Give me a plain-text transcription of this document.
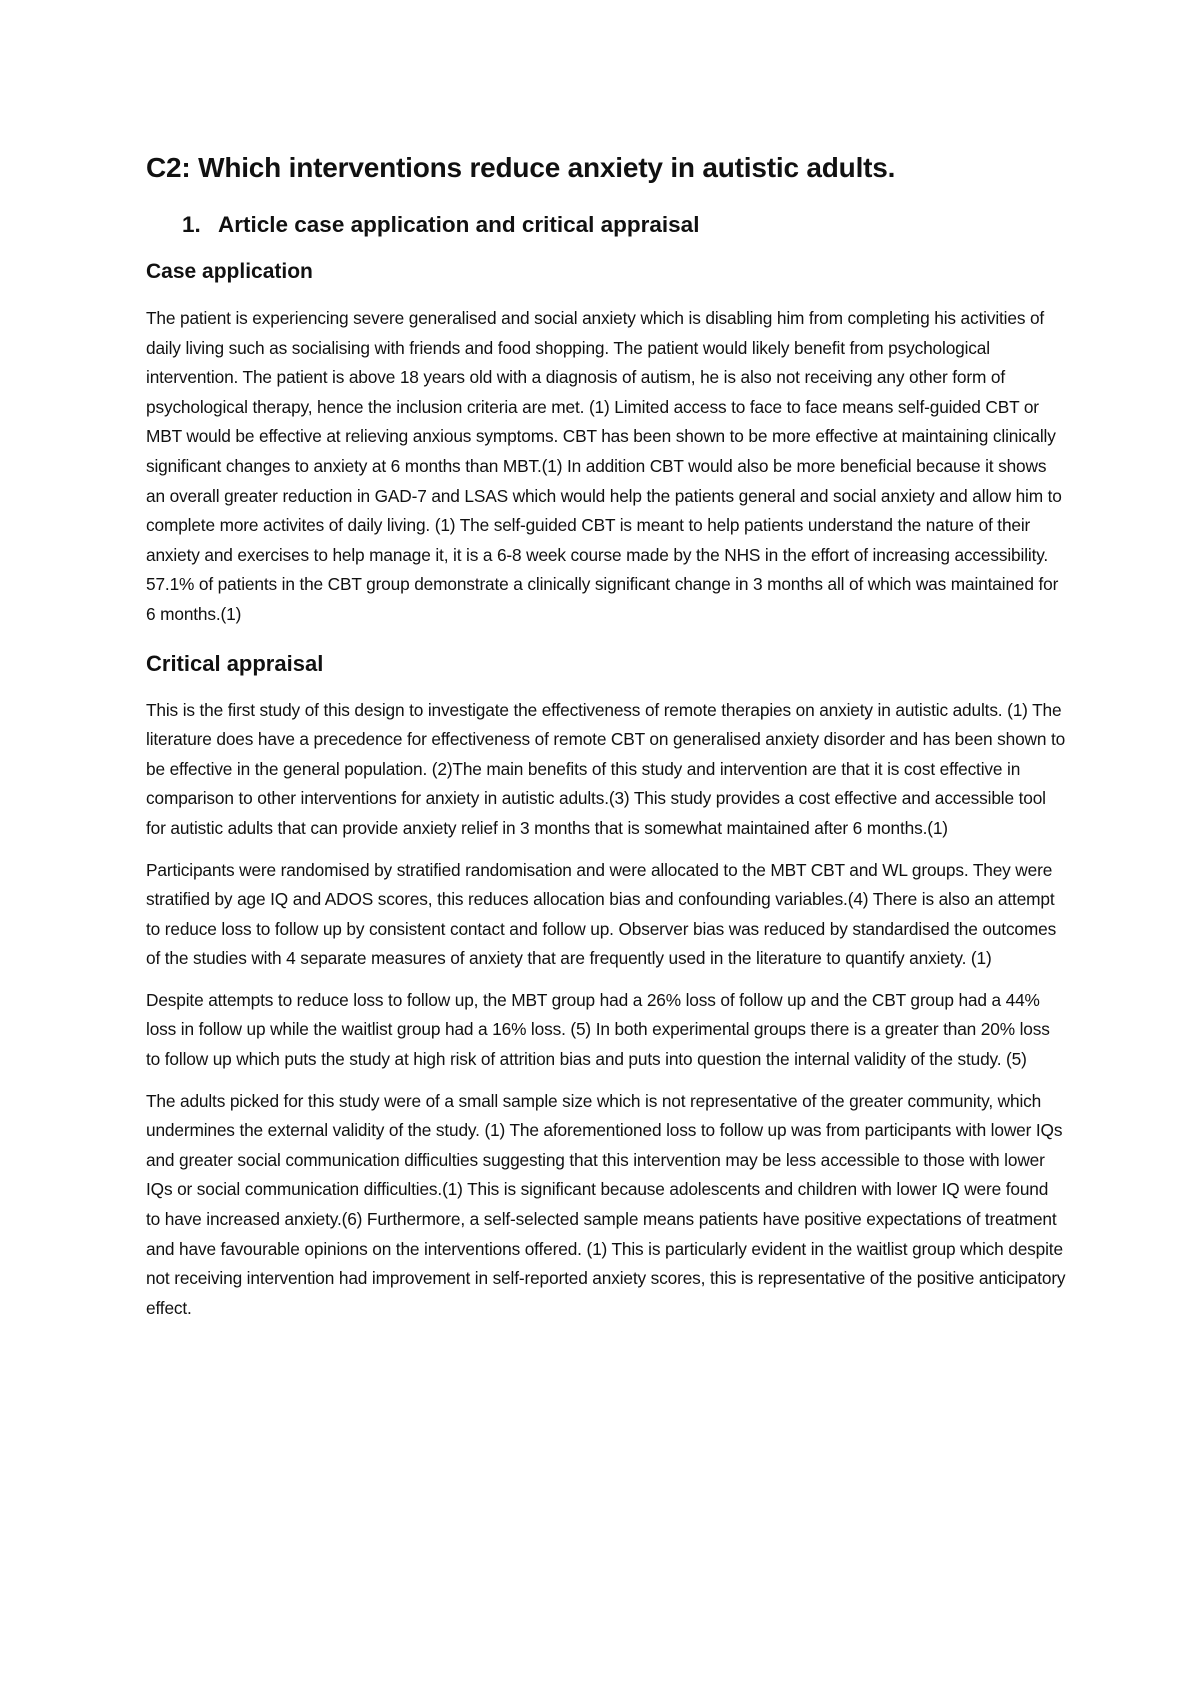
C2: Which interventions reduce anxiety in autistic adults.
1. Article case application and critical appraisal
Case application

The patient is experiencing severe generalised and social anxiety which is disabling him from completing his activities of daily living such as socialising with friends and food shopping. The patient would likely benefit from psychological intervention. The patient is above 18 years old with a diagnosis of autism, he is also not receiving any other form of psychological therapy, hence the inclusion criteria are met. (1) Limited access to face to face means self-guided CBT or MBT would be effective at relieving anxious symptoms. CBT has been shown to be more effective at maintaining clinically significant changes to anxiety at 6 months than MBT.(1) In addition CBT would also be more beneficial because it shows an overall greater reduction in GAD-7 and LSAS which would help the patients general and social anxiety and allow him to complete more activites of daily living. (1) The self-guided CBT is meant to help patients understand the nature of their anxiety and exercises to help manage it, it is a 6-8 week course made by the NHS in the effort of increasing accessibility. 57.1% of patients in the CBT group demonstrate a clinically significant change in 3 months all of which was maintained for 6 months.(1)

Critical appraisal

This is the first study of this design to investigate the effectiveness of remote therapies on anxiety in autistic adults. (1) The literature does have a precedence for effectiveness of remote CBT on generalised anxiety disorder and has been shown to be effective in the general population. (2)The main benefits of this study and intervention are that it is cost effective in comparison to other interventions for anxiety in autistic adults.(3) This study provides a cost effective and accessible tool for autistic adults that can provide anxiety relief in 3 months that is somewhat maintained after 6 months.(1)

Participants were randomised by stratified randomisation and were allocated to the MBT CBT and WL groups. They were stratified by age IQ and ADOS scores, this reduces allocation bias and confounding variables.(4) There is also an attempt to reduce loss to follow up by consistent contact and follow up. Observer bias was reduced by standardised the outcomes of the studies with 4 separate measures of anxiety that are frequently used in the literature to quantify anxiety. (1)

Despite attempts to reduce loss to follow up, the MBT group had a 26% loss of follow up and the CBT group had a 44% loss in follow up while the waitlist group had a 16% loss. (5) In both experimental groups there is a greater than 20% loss to follow up which puts the study at high risk of attrition bias and puts into question the internal validity of the study. (5)

The adults picked for this study were of a small sample size which is not representative of the greater community, which undermines the external validity of the study. (1) The aforementioned loss to follow up was from participants with lower IQs and greater social communication difficulties suggesting that this intervention may be less accessible to those with lower IQs or social communication difficulties.(1) This is significant because adolescents and children with lower IQ were found to have increased anxiety.(6) Furthermore, a self-selected sample means patients have positive expectations of treatment and have favourable opinions on the interventions offered. (1) This is particularly evident in the waitlist group which despite not receiving intervention had improvement in self-reported anxiety scores, this is representative of the positive anticipatory effect.
